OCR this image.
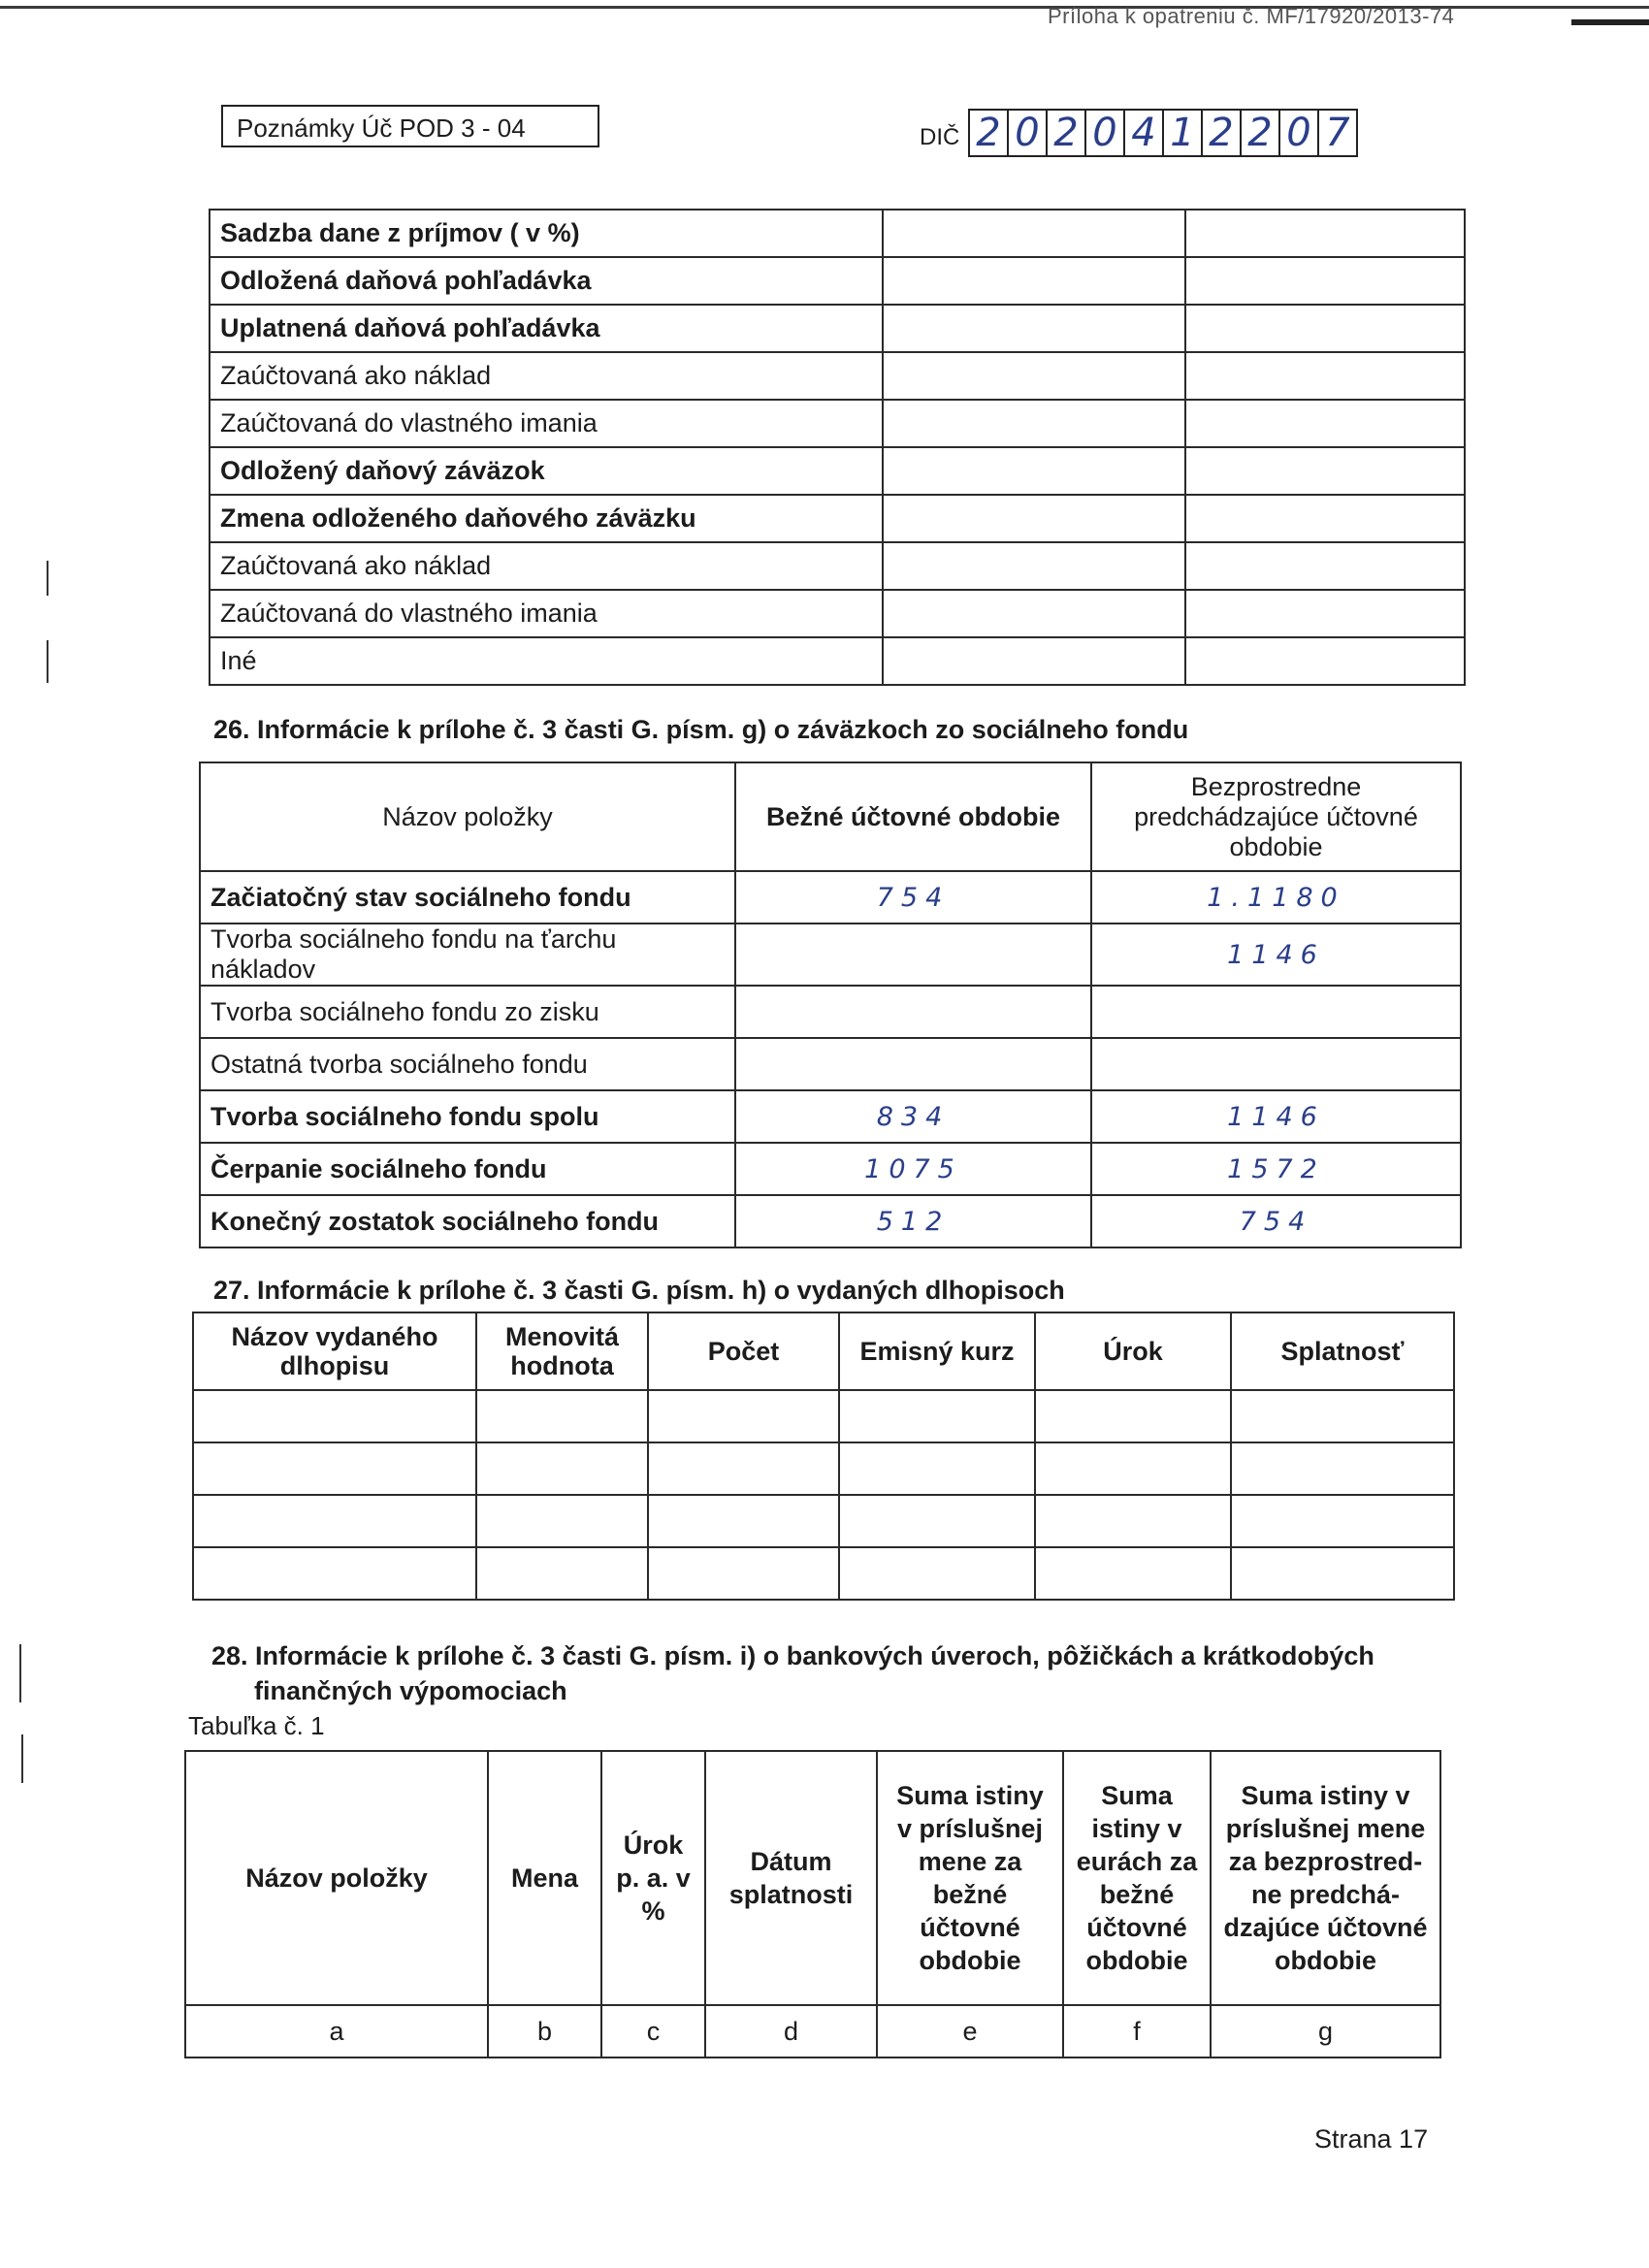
Príloha k opatreniu č. MF/17920/2013-74
Poznámky Úč POD 3 - 04	DIČ 2 0 2 0 4 1 2 2 0 7
Sadzba dane z príjmov ( v %)		
Odložená daňová pohľadávka		
Uplatnená daňová pohľadávka		
Zaúčtovaná ako náklad		
Zaúčtovaná do vlastného imania		
Odložený daňový záväzok		
Zmena odloženého daňového záväzku		
Zaúčtovaná ako náklad		
Zaúčtovaná do vlastného imania		
Iné		
26. Informácie k prílohe č. 3 časti G. písm. g) o záväzkoch zo sociálneho fondu
Názov položky	Bežné účtovné obdobie	Bezprostredne predchádzajúce účtovné obdobie
Začiatočný stav sociálneho fondu	754	1.1180
Tvorba sociálneho fondu na ťarchu nákladov		1146
Tvorba sociálneho fondu zo zisku		
Ostatná tvorba sociálneho fondu		
Tvorba sociálneho fondu spolu	834	1146
Čerpanie sociálneho fondu	1075	1572
Konečný zostatok sociálneho fondu	512	754
27. Informácie k prílohe č. 3 časti G. písm. h) o vydaných dlhopisoch
Názov vydaného dlhopisu	Menovitá hodnota	Počet	Emisný kurz	Úrok	Splatnosť

28. Informácie k prílohe č. 3 časti G. písm. i) o bankových úveroch, pôžičkách a krátkodobých
finančných výpomociach
Tabuľka č. 1
Názov položky	Mena	Úrok p. a. v %	Dátum splatnosti	Suma istiny v príslušnej mene za bežné účtovné obdobie	Suma istiny v eurách za bežné účtovné obdobie	Suma istiny v príslušnej mene za bezprostred-ne predchá-dzajúce účtovné obdobie
a	b	c	d	e	f	g
Strana 17
